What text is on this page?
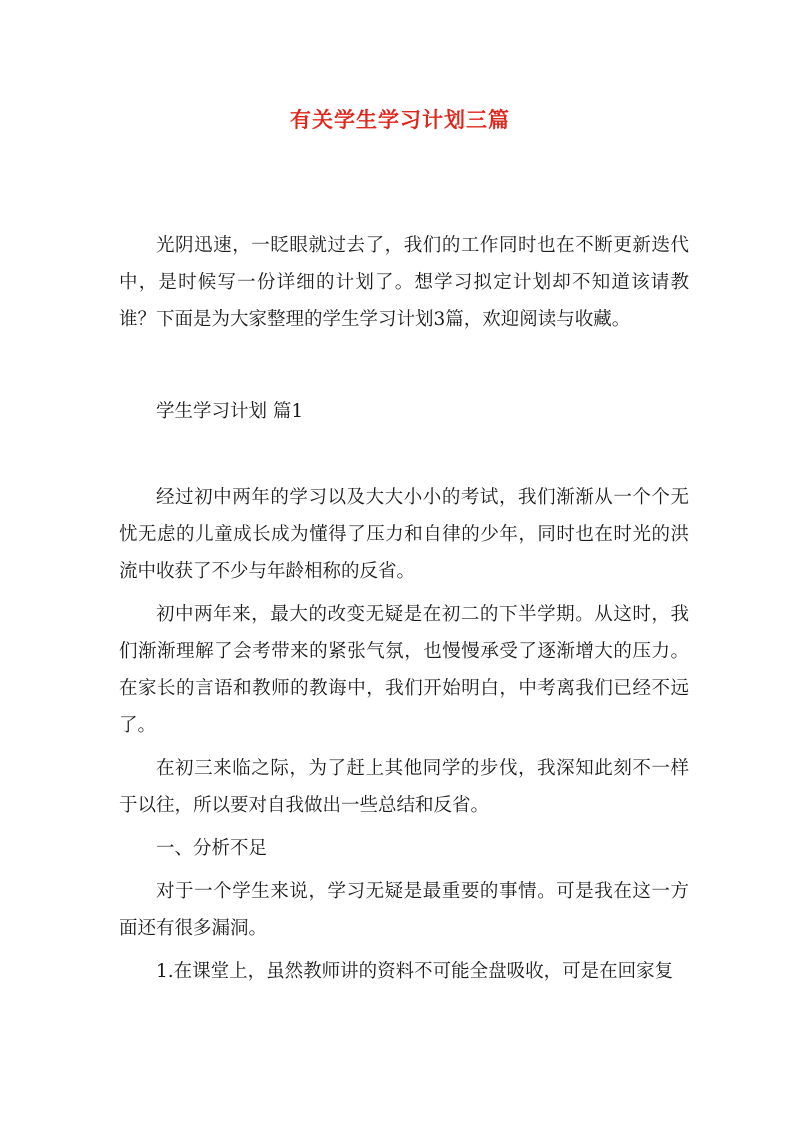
有关学生学习计划三篇

光阴迅速，一眨眼就过去了，我们的工作同时也在不断更新迭代中，是时候写一份详细的计划了。想学习拟定计划却不知道该请教谁？下面是为大家整理的学生学习计划3篇，欢迎阅读与收藏。

学生学习计划 篇1

经过初中两年的学习以及大大小小的考试，我们渐渐从一个个无忧无虑的儿童成长成为懂得了压力和自律的少年，同时也在时光的洪流中收获了不少与年龄相称的反省。

初中两年来，最大的改变无疑是在初二的下半学期。从这时，我们渐渐理解了会考带来的紧张气氛，也慢慢承受了逐渐增大的压力。在家长的言语和教师的教诲中，我们开始明白，中考离我们已经不远了。

在初三来临之际，为了赶上其他同学的步伐，我深知此刻不一样于以往，所以要对自我做出一些总结和反省。

一、分析不足

对于一个学生来说，学习无疑是最重要的事情。可是我在这一方面还有很多漏洞。

1.在课堂上，虽然教师讲的资料不可能全盘吸收，可是在回家复
